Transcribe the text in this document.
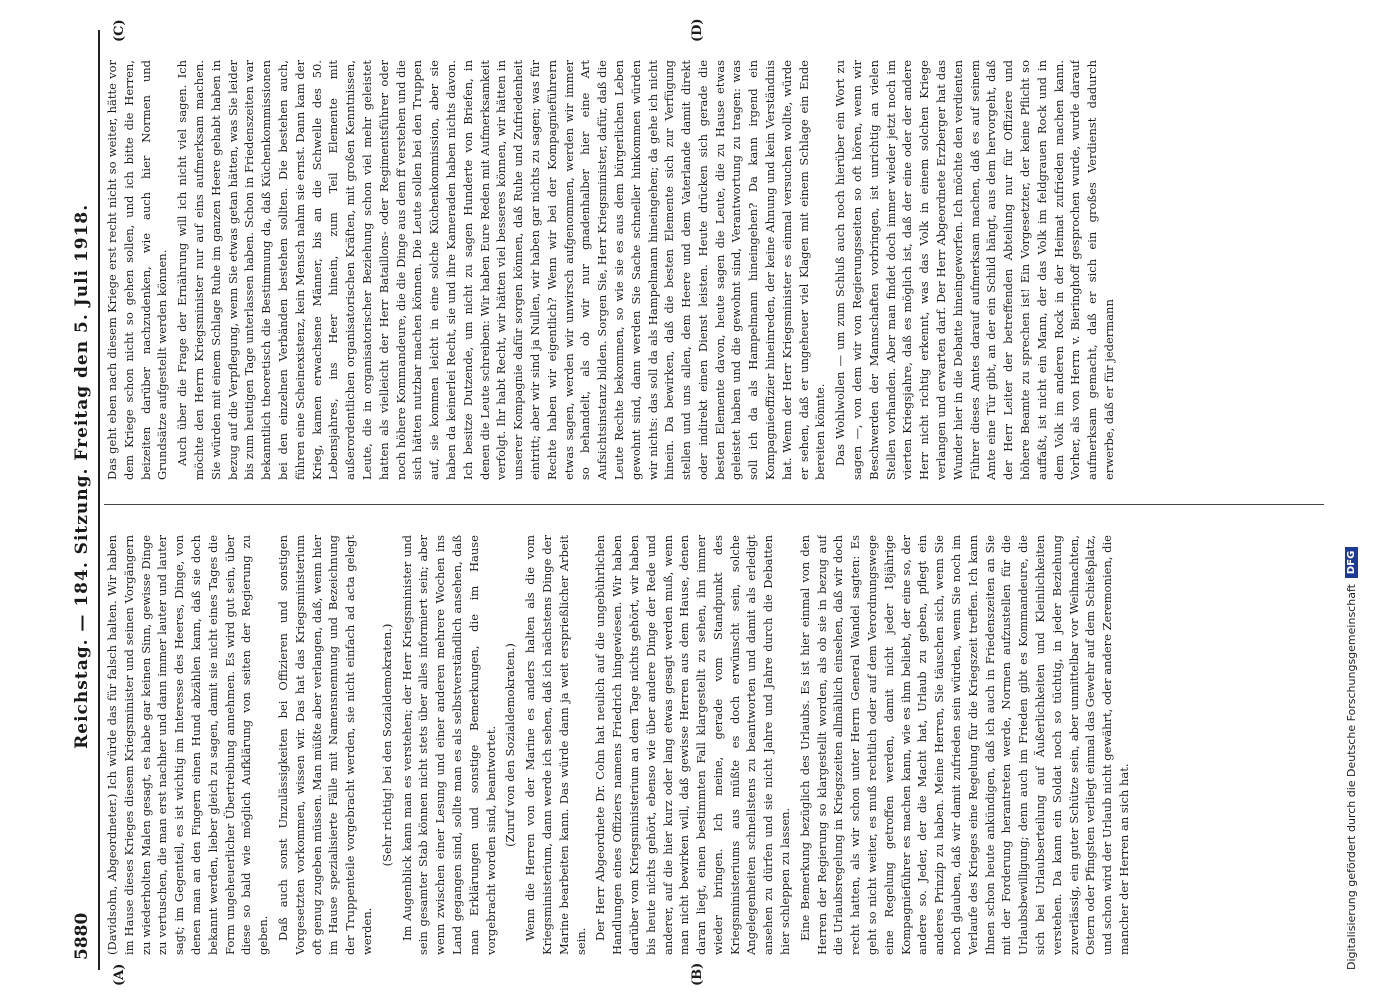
5880
Reichstag. — 184. Sitzung. Freitag den 5. Juli 1918.
(A)	(B)
(C)	(D)

(Davidsohn, Abgeordneter.) Ich würde das für falsch halten. Wir haben im Hause dieses Krieges diesem Kriegsminister und seinen Vorgängern zu wiederholten Malen gesagt, es habe gar keinen Sinn, gewisse Dinge zu vertuschen, die man erst nachher und dann immer lauter und lauter sagt; im Gegenteil, es ist wichtig im Interesse des Heeres, Dinge, von denen man an den Fingern einen Hund abzählen kann, daß sie doch bekannt werden, lieber gleich zu sagen, damit sie nicht eines Tages die Form ungeheuerlicher Übertreibung annehmen. Es wird gut sein, über diese so bald wie möglich Aufklärung von seiten der Regierung zu geben. Daß auch sonst Unzulässigkeiten bei Offizieren und sonstigen Vorgesetzten vorkommen, wissen wir. Das hat das Kriegsministerium oft genug zugeben müssen. Man müßte aber verlangen, daß, wenn hier im Hause spezialisierte Fälle mit Namensnennung und Bezeichnung der Truppenteile vorgebracht werden, sie nicht einfach ad acta gelegt werden.

(Sehr richtig! bei den Sozialdemokraten.) Im Augenblick kann man es verstehen; der Herr Kriegsminister und sein gesamter Stab können nicht stets über alles informiert sein; aber wenn zwischen einer Lesung und einer anderen mehrere Wochen ins Land gegangen sind, sollte man es als selbstverständlich ansehen, daß man Erklärungen und sonstige Bemerkungen, die im Hause vorgebracht worden sind, beantwortet. (Zuruf von den Sozialdemokraten.) Wenn die Herren von der Marine es anders halten als die vom Kriegsministerium, dann werde ich sehen, daß ich nächstens Dinge der Marine bearbeiten kann. Das würde dann ja weit ersprießlicher Arbeit sein.

Der Herr Abgeordnete Dr. Cohn hat neulich auf die ungebührlichen Handlungen eines Offiziers namens Friedrich hingewiesen. Wir haben darüber vom Kriegsministerium an dem Tage nichts gehört, wir haben bis heute nichts gehört, ebenso wie über andere Dinge der Rede und anderer, auf die hier kurz oder lang etwas gesagt werden muß, wenn man nicht bewirken will, daß gewisse Herren aus dem Hause, denen daran liegt, einen bestimmten Fall klargestellt zu sehen, ihn immer wieder bringen. Ich meine, gerade vom Standpunkt des Kriegsministeriums aus müßte es doch erwünscht sein, solche Angelegenheiten schnellstens zu beantworten und damit als erledigt ansehen zu dürfen und sie nicht Jahre und Jahre durch die Debatten hier schleppen zu lassen. Eine Bemerkung bezüglich des Urlaubs. Es ist hier einmal von den Herren der Regierung so klargestellt worden, als ob sie in bezug auf die Urlaubsregelung in Kriegszeiten allmählich einsehen, daß wir doch recht hatten, als wir schon unter Herrn General Wandel sagten: Es geht so nicht weiter, es muß rechtlich oder auf dem Verordnungswege eine Regelung getroffen werden, damit nicht jeder 18jährige Kompagnieführer es machen kann, wie es ihm beliebt, der eine so, der andere so. Jeder, der die Macht hat, Urlaub zu geben, pflegt ein anderes Prinzip zu haben. Meine Herren, Sie täuschen sich, wenn Sie noch glauben, daß wir damit zufrieden sein würden, wenn Sie noch im Verlaufe des Krieges eine Regelung für die Kriegszeit treffen. Ich kann Ihnen schon heute ankündigen, daß ich auch in Friedenszeiten an Sie mit der Forderung herantreten werde, Normen aufzustellen für die Urlaubsbewilligung; denn auch im Frieden gibt es Kommandeure, die sich bei Urlaubserteilung auf Äußerlichkeiten und Kleinlichkeiten verstehen. Da kann ein Soldat noch so tüchtig, in jeder Beziehung zuverlässig, ein guter Schütze sein, aber unmittelbar vor Weihnachten, Ostern oder Pfingsten verliegt einmal das Gewehr auf dem Schießplatz, und schon wird der Urlaub nicht gewährt, oder andere Zeremonien, die mancher der Herren an sich hat.

Das geht eben nach diesem Kriege erst recht nicht so weiter, hätte vor dem Kriege schon nicht so gehen sollen, und ich bitte die Herren, beizeiten darüber nachzudenken, wie auch hier Normen und Grundsätze aufgestellt werden können. Auch über die Frage der Ernährung will ich nicht viel sagen. Ich möchte den Herrn Kriegsminister nur auf eins aufmerksam machen. Sie würden mit einem Schlage Ruhe im ganzen Heere gehabt haben in bezug auf die Verpflegung, wenn Sie etwas getan hätten, was Sie leider bis zum heutigen Tage unterlassen haben. Schon in Friedenszeiten war bekanntlich theoretisch die Bestimmung da, daß Küchenkommissionen bei den einzelnen Verbänden bestehen sollten. Die bestehen auch, führen eine Scheinexistenz, kein Mensch nahm sie ernst. Dann kam der Krieg, kamen erwachsene Männer, bis an die Schwelle des 50. Lebensjahres, ins Heer hinein, zum Teil Elemente mit außerordentlichen organisatorischen Kräften, mit großen Kenntnissen, Leute, die in organisatorischer Beziehung schon viel mehr geleistet hatten als vielleicht der Herr Bataillons- oder Regimentsführer oder noch höhere Kommandeure, die die Dinge aus dem ff verstehen und die sich hätten nutzbar machen können. Die Leute sollen bei den Truppen auf, sie kommen leicht in eine solche Küchenkommission, aber sie haben da keinerlei Recht, sie und ihre Kameraden haben nichts davon. Ich besitze Dutzende, um nicht zu sagen Hunderte von Briefen, in denen die Leute schreiben: Wir haben Eure Reden mit Aufmerksamkeit verfolgt. Ihr habt Recht, wir hätten viel besseres können, wir hätten in unserer Kompagnie dafür sorgen können, daß Ruhe und Zufriedenheit eintritt; aber wir sind ja Nullen, wir haben gar nichts zu sagen; was für Rechte haben wir eigentlich? Wenn wir bei der Kompagnieführern etwas sagen, werden wir unwirsch aufgenommen, werden wir immer so behandelt, als ob wir nur gnadenhalber hier eine Art Aufsichtsinstanz bilden. Sorgen Sie, Herr Kriegsminister, dafür, daß die Leute Rechte bekommen, so wie sie es aus dem bürgerlichen Leben gewohnt sind, dann werden Sie Sache schneller hinkommen würden wir nichts: das soll da als Hampelmann hineingehen; da gehe ich nicht hinein. Da bewirken, daß die besten Elemente sich zur Verfügung stellen und uns allen, dem Heere und dem Vaterlande damit direkt oder indirekt einen Dienst leisten. Heute drücken sich gerade die besten Elemente davon, heute sagen die Leute, die zu Hause etwas geleistet haben und die gewohnt sind, Verantwortung zu tragen: was soll ich da als Hampelmann hineingehen? Da kann irgend ein Kompagnieoffizier hineinreden, der keine Ahnung und kein Verständnis hat. Wenn der Herr Kriegsminister es einmal versuchen wollte, würde er sehen, daß er ungeheuer viel Klagen mit einem Schlage ein Ende bereiten könnte. Das Wohlwollen — um zum Schluß auch noch hierüber ein Wort zu sagen —, von dem wir von Regierungsseiten so oft hören, wenn wir Beschwerden der Mannschaften vorbringen, ist unrichtig an vielen Stellen vorhanden. Aber man findet doch immer wieder jetzt noch im vierten Kriegsjahre, daß es möglich ist, daß der eine oder der andere Herr nicht richtig erkennt, was das Volk in einem solchen Kriege verlangen und erwarten darf. Der Herr Abgeordnete Erzberger hat das Wunder hier in die Debatte hineingeworfen. Ich möchte den verdienten Führer dieses Amtes darauf aufmerksam machen, daß es auf seinem Amte eine Tür gibt, an der ein Schild hängt, aus dem hervorgeht, daß der Herr Leiter der betreffenden Abteilung nur für Offiziere und höhere Beamte zu sprechen ist! Ein Vorgesetzter, der keine Pflicht so auffaßt, ist nicht ein Mann, der das Volk im feldgrauen Rock und in dem Volk im anderen Rock in der Heimat zufrieden machen kann. Vorher, als von Herrn v. Bieringhoff gesprochen wurde, wurde darauf aufmerksam gemacht, daß er sich ein großes Verdienst dadurch erwerbe, daß er für jedermann

Digitalisierung gefördert durch die Deutsche Forschungsgemeinschaft
DFG
